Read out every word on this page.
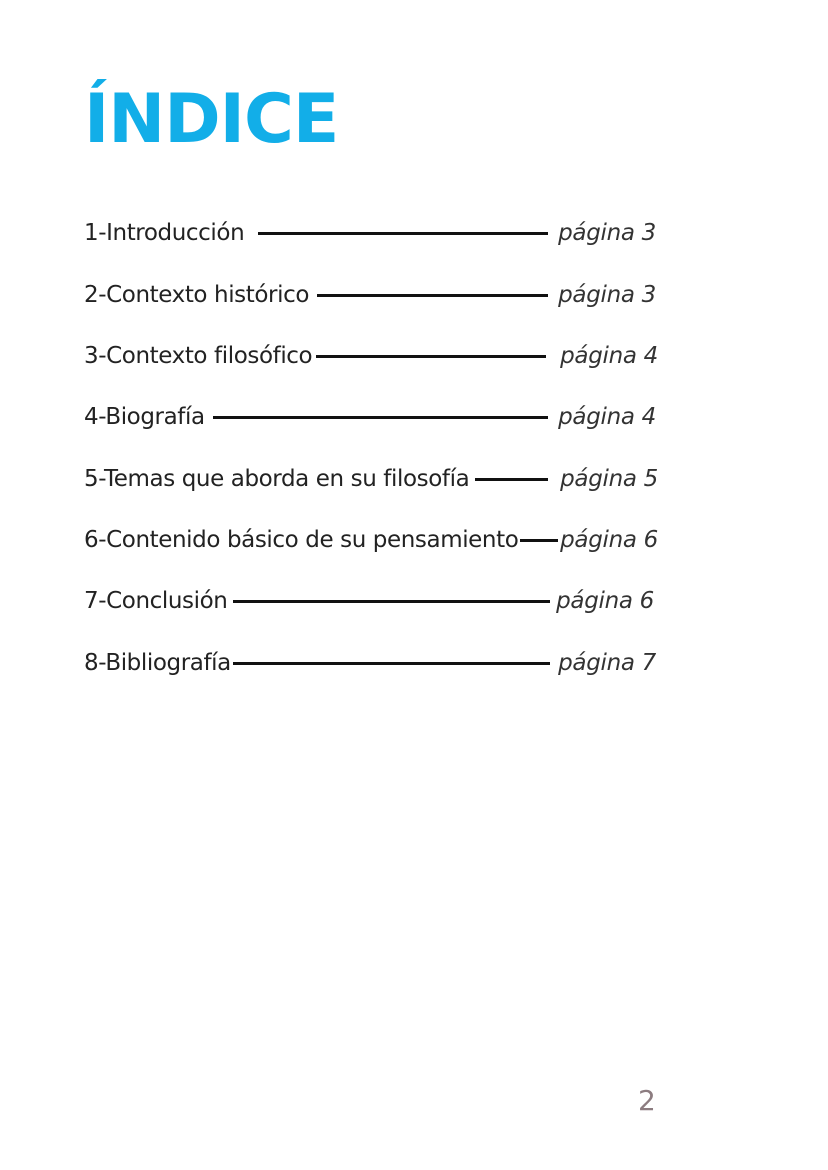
ÍNDICE
1-Introducción	página 3
2-Contexto histórico	página 3
3-Contexto filosófico	página 4
4-Biografía	página 4
5-Temas que aborda en su filosofía	página 5
6-Contenido básico de su pensamiento página 6
7-Conclusión	página 6
8-Bibliografía	página 7
2
